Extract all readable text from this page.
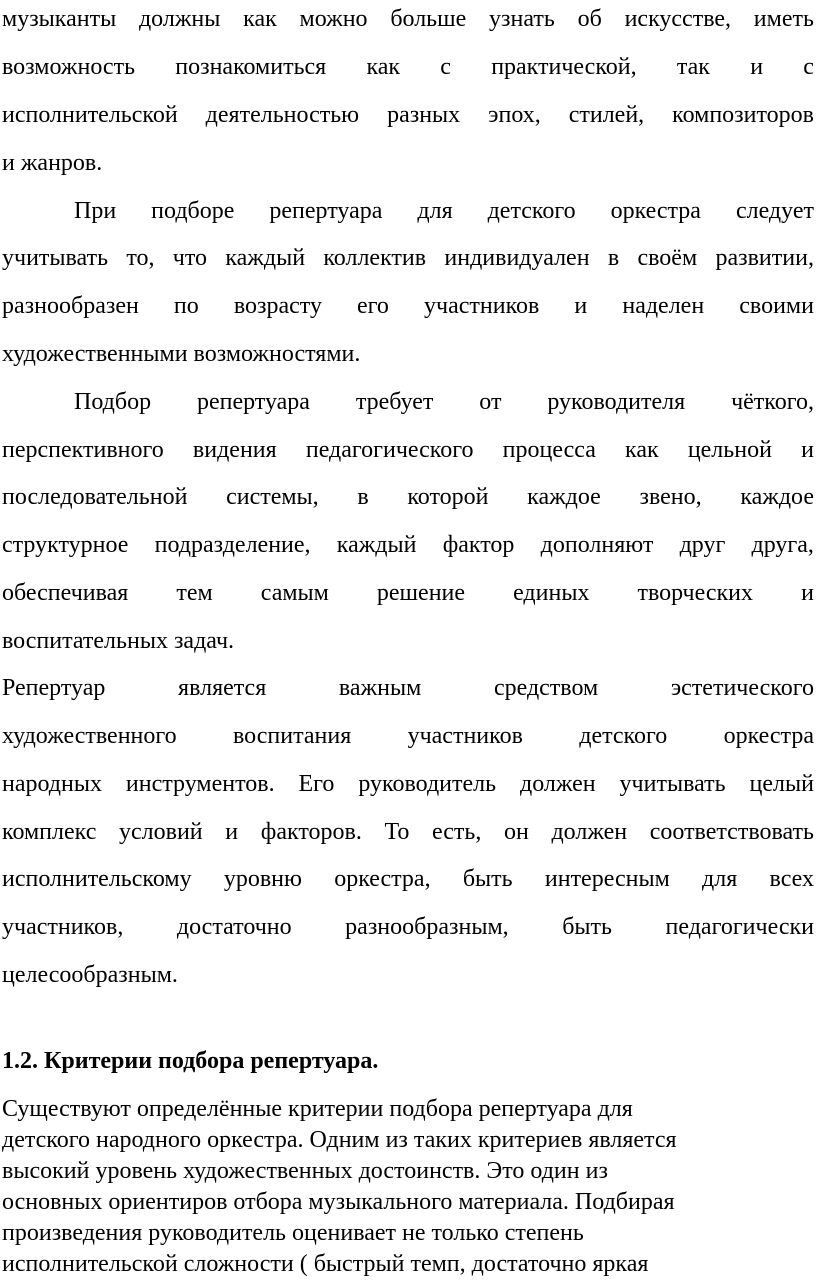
музыканты должны как можно больше узнать об искусстве, иметь
возможность познакомиться как с практической, так и с
исполнительской деятельностью разных эпох, стилей, композиторов
и жанров.
При подборе репертуара для детского оркестра следует
учитывать то, что каждый коллектив индивидуален в своём развитии,
разнообразен по возрасту его участников и наделен своими
художественными возможностями.
Подбор репертуара требует от руководителя чёткого,
перспективного видения педагогического процесса как цельной и
последовательной системы, в которой каждое звено, каждое
структурное подразделение, каждый фактор дополняют друг друга,
обеспечивая тем самым решение единых творческих и
воспитательных задач.
Репертуар	является	важным	средством	эстетического
художественного воспитания участников детского оркестра
народных инструментов. Его руководитель должен учитывать целый
комплекс условий и факторов. То есть, он должен соответствовать
исполнительскому уровню оркестра, быть интересным для всех
участников, достаточно разнообразным, быть педагогически
целесообразным.
1.2. Критерии подбора репертуара.
Существуют определённые критерии подбора репертуара для
детского народного оркестра. Одним из таких критериев является
высокий уровень художественных достоинств. Это один из
основных ориентиров отбора музыкального материала. Подбирая
произведения руководитель оценивает не только степень
исполнительской сложности ( быстрый темп, достаточно яркая
